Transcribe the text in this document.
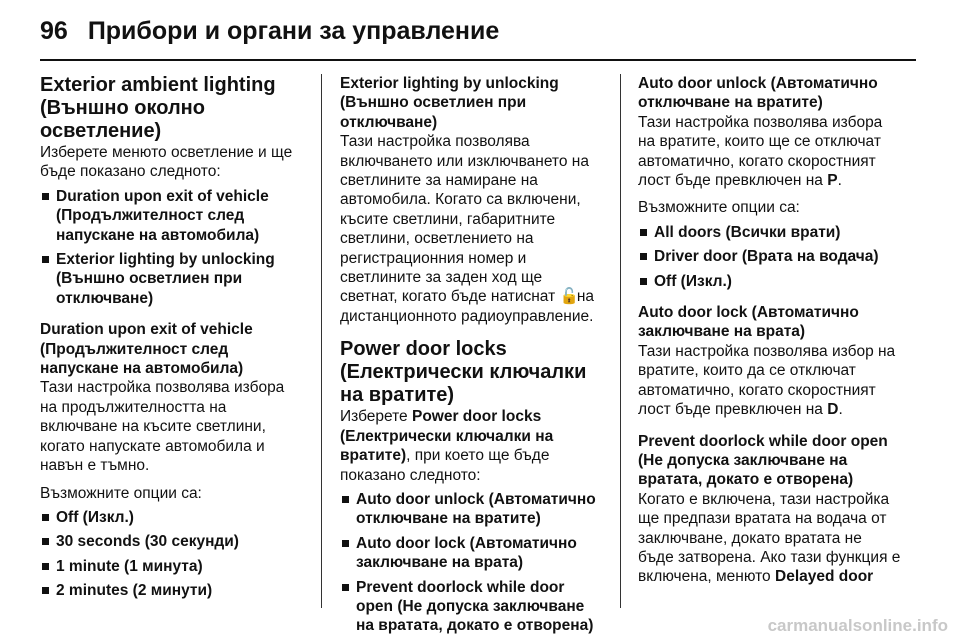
96 Прибори и органи за управление
Exterior ambient lighting
(Външно околно осветление)

Изберете менюто осветление и ще бъде показано следното:

Duration upon exit of vehicle (Продължителност след напускане на автомобила)
Exterior lighting by unlocking (Външно осветлиен при отключване)

Duration upon exit of vehicle (Продължителност след напускане на автомобила)

Тази настройка позволява избора на продължителността на включване на късите светлини, когато напускате автомобила и навън е тъмно.

Възможните опции са:

Off (Изкл.)
30 seconds (30 секунди)
1 minute (1 минута)
2 minutes (2 минути)

Exterior lighting by unlocking (Външно осветлиен при отключване)

Тази настройка позволява включването или изключването на светлините за намиране на автомобила. Когато са включени, късите светлини, габаритните светлини, осветлението на регистрационния номер и светлините за заден ход ще светнат, когато бъде натиснат 🔓 на дистанционното радиоуправление.

Power door locks
(Електрически ключалки на вратите)

Изберете Power door locks (Електрически ключалки на вратите), при което ще бъде показано следното:

Auto door unlock (Автоматично отключване на вратите)
Auto door lock (Автоматично заключване на врата)
Prevent doorlock while door open (Не допуска заключване на вратата, докато е отворена)

Auto door unlock (Автоматично отключване на вратите)

Тази настройка позволява избора на вратите, които ще се отключат автоматично, когато скоростният лост бъде превключен на P.

Възможните опции са:

All doors (Всички врати)
Driver door (Врата на водача)
Off (Изкл.)

Auto door lock (Автоматично заключване на врата)

Тази настройка позволява избор на вратите, които да се отключат автоматично, когато скоростният лост бъде превключен на D.

Prevent doorlock while door open (Не допуска заключване на вратата, докато е отворена)

Когато е включена, тази настройка ще предпази вратата на водача от заключване, докато вратата не бъде затворена. Ако тази функция е включена, менюто Delayed door

carmanualsonline.info
